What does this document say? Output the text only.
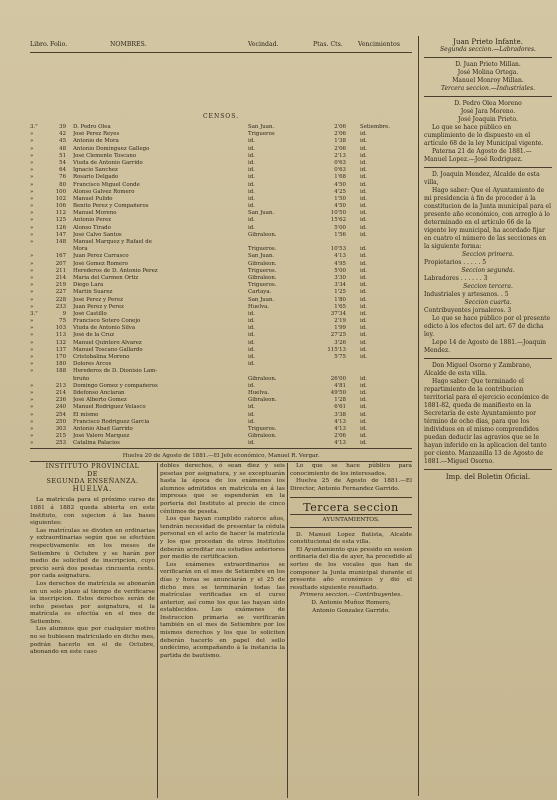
Libro. Folio.	NOMBRES.	Vecindad.	Ptas. Cts. Vencimientos
CENSOS.
3.°	39 D. Pedro Olea	San Juan.	2'06	Setiembre.
»	42 José Perez Reyes	Trigueros	2'06	id.
»	45 Antonio de Mora	id.	1'38	id.
»	48 Antonio Dominguez Gallego	id.	2'06	id.
»	51 José Clemente Toscano	id.	2'13	id.
»	54 Viuda de Antonio Garrido	id.	0'63	id.
»	64 Ignacio Sanchez	id.	0'63	id.
»	76 Rosario Delgado	id.	1'68	id.
»	80 Francisco Miguel Conde	id.	4'50	id.
»	100 Alonso Galvez Romero	id.	4'25	id.
»	102 Manuel Pulido	id.	1'50	id.
»	106 Benito Perez y Compañeros	id.	4'50	id.
»	112 Manuel Moreno	San Juan.	10'50	id.
»	125 Antonio Perez	id.	15'62	id.
»	126 Alonso Tirado	id.	5'00	id.
»	147 José Calvo Santos	Gibraleon.	1'56	id.
»	148 Manuel Marquez y Rafael de
Mora	Trigueros.	10'53	id.
»	167 Juan Perez Carrasco	San Juan.	4'13	id.
»	207 José Gomez Romero	Gibraleon.	4'95	id.
»	211 Herederos de D. Antonio Perez	Trigueros.	5'00	id.
»	214 María del Carmen Ortiz	Gibraleon.	3'30	id.
»	219 Diego Lara	Trigueros.	3'34	id.
»	227 Martin Suarez	Cartaya.	1'25	id.
»	228 José Perez y Perez	San Juan.	1'80	id.
»	233 Juan Perez y Perez	Huelva.	1'65	id.
3.°	9 José Castillo	id.	37'34	id.
»	75 Francisco Sotero Conejo	id.	2'19	id.
»	103 Viuda de Antonio Silva	id.	1'99	id.
»	113 José de la Cruz	id.	27'25	id.
»	132 Manuel Quintero Alvarez	id.	3'26	id.
»	137 Manuel Toscano Gallardo	id.	115'13	id.
»	170 Cristobalina Moreno	id.	5'75	id.
»	180 Dolores Arcos	id.
»	188 Herederos de D. Dionisio Lam-
bruño	Gibraleon.	26'00	id.
»	213 Domingo Gomez y compañeros	id.	4'81	id.
»	214 Ildefonso Anclaran	Huelva.	49'50	id.
»	236 José Alberto Gomez	Gibraleon.	1'28	id.
»	240 Manuel Rodriguez Velasco	id.	6'61	id.
»	254 El mismo	id.	3'38	id.
»	250 Francisco Rodriguez Garcia	id.	4'13	id.
»	303 Antonio Abad Garrido	Trigueros.	4'13	id.
»	215 José Valero Marquez	Gibraleon.	2'06	id.
»	253 Catalina Palacios	id.	4'13	id.
Huelva 20 de Agosto de 1881.—El Jefe económico, Manuel R. Vergar.

Juan Prieto Infante.

Segunda seccion.—Labradores.

D. Juan Prieto Millan.

José Molina Ortega.

Manuel Monroy Millan.

Tercera seccion.—Industriales.

D. Pedro Olea Moreno

José Jara Moreno.

José Joaquin Prieto.

Lo que se hace público en cumplimiento de lo dispuesto en el artículo 68 de la ley Municipal vigente.

Paterna 21 de Agosto de 1881.—Manuel Lopez.—José Rodriguez.

D. Joaquin Mendez, Alcalde de esta villa,

Hago saber: Que el Ayuntamiento de mi presidencia á fin de proceder á la constitucion de la Junta municipal para el presente año económico, con arreglo á lo determinado en el artículo 66 de la vigente ley municipal, ha acordado fijar en cuatro el número de las secciones en la siguiente forma:

Seccion primera.

Propietarios . . . . . 5

Seccion segunda.

Labradores . . . . . . 3

Seccion tercera.

Industriales y artesanos. . 5

Seccion cuarta.

Contribuyentes jornaleros. 3

Lo que se hace público por el presente edicto á los efectos del art. 67 de dicha ley.

Lepe 14 de Agosto de 1881.—Joaquin Mendez.

Don Miguel Osorno y Zambrano, Alcalde de esta villa.

Hago saber: Que terminado el repartimiento de la contribucion territorial para el ejercicio económico de 1881-82, queda de manifiesto en la Secretaría de este Ayuntamiento por término de ocho dias, para que los individuos en el mismo comprendidos puedan deducir las agravios que se le hayan inferido en la aplicacion del tanto por ciento. Manzanilla 13 de Agosto de 1881.—Miguel Osorno.

Imp. del Boletin Oficial.

INSTITUTO PROVINCIAL

DE

SEGUNDA ENSEÑANZA.

HUELVA.

La matrícula para el próximo curso de 1881 á 1882 queda abierta en este Instituto, con sujecion á las bases siguientes:

Las matrículas se dividen en ordinarias y extraordinarias según que se efectúen respectivamente en los meses de Setiembre ú Octubre y se harán por medio de solicitud de inscripcion, cuyo precio será dos pesetas cincuenta cents. por cada asignatura.

Los derechos de matrícula se abonarán en un solo plazo al tiempo de verificarse la inscripcion. Estos derechos serán de ocho pesetas por asignatura, si la matrícula es efectúa en el mes de Setiembre.

Los alumnos que por cualquier motivo no se hubiesen matriculado en dicho mes, podrán hacerlo en el de Octubre, abonando en este caso

dobles derechos, ó sean diez y seis pesetas por asignatura, y se exceptuarán hasta la época de los exámenes los alumnos admitidos en matrícula en á las impresas que se espenderán en la portería del Instituto al precio de cinco céntimos de peseta.

Los que hayan cumplido catorce años, tendrán necesidad de presentar la cédula personal en el acto de hacer la matrícula y los que procedan de otros Institutos deberán acreditar sus estudios anteriores por medio de certificacion.

Los exámenes extraordinarios se verificarán en el mes de Setiembre en los días y horas se anunciarán y el 25 de dicho mes se terminarán todas las matrículas verificadas en el curso anterior, así como los que las hayan sido establecidos. Los exámenes de Instruccion primaria se verificarán también en el mes de Setiembre por los mismos derechos y los que lo soliciten deberán hacerlo en papel del sello undécimo, acompañando á la instancia la partida de bautismo.

Lo que se hace público para conocimiento de los interesados.

Huelva 25 de Agosto de 1881.—El Director, Antonio Fernandez Garrido.

Tercera seccion

AYUNTAMIENTOS.

D. Manuel Lopez Batista, Alcalde constitucional de esta villa.

El Ayuntamiento que presido en sesion ordinaria del dia de ayer, ha procedido al sorteo de los vocales que han de componer la Junta municipal durante el presente año económico y dió el resultado siguiente resultado.

Primera seccion.—Contribuyentes.

D. Antonio Muñoz Romero,

Antonio Gonzalez Garrido.
